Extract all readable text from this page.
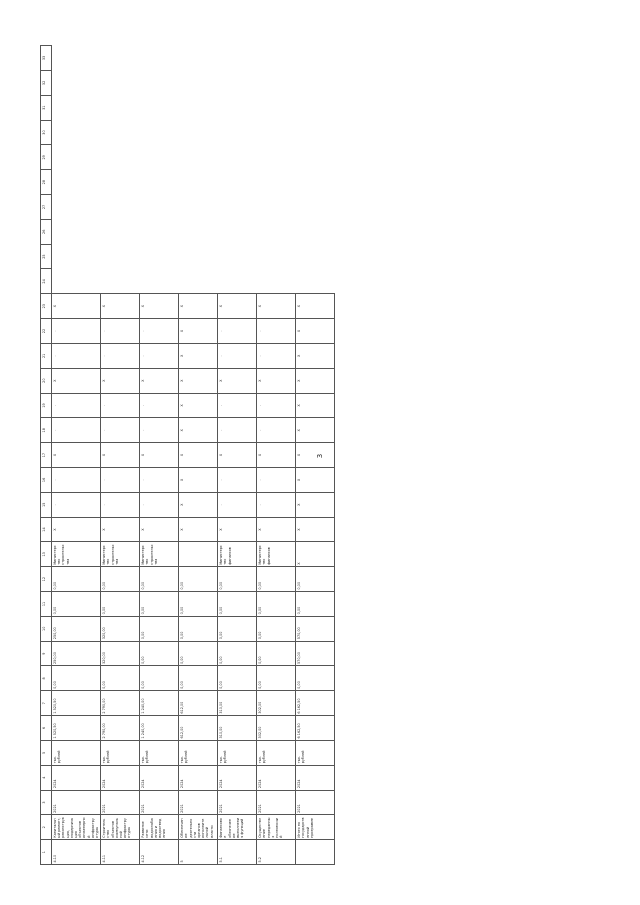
3
1	2	3	4	5	6	7	8	9	10	11	12	13	14	15	16	17	18	19	20	21	22	23	24	25	26	27	28	29	30	31	32	33
4.10	Капитальный ремонт, реконструкция, модернизация объектов инженерной инфраструктуры	2021	2024	тыс. рублей	1 520,50	1 520,50	0,00	250,00	250,00	0,00	0,00	Министерство строительства	X	-	-	X	-	-	X	-	-	X										
4.11	Строительство объектов коммунальной инфраструктуры	2021	2024	тыс. рублей	2 790,00	2 790,00	0,00	320,00	320,00	0,00	0,00	Министерство строительства	X	-	-	X	-	-	X	-	-	X										
4.12	Развитие сети водоснабжения и водоотведения	2021	2024	тыс. рублей	1 240,00	1 240,00	0,00	0,00	0,00	0,00	0,00	Министерство строительства	X	-	-	X	-	-	X	-	-	X										
5	Обеспечение деятельности органов исполнительной власти	2021	2024	тыс. рублей	612,00	612,00	0,00	0,00	0,00	0,00	0,00		X	X	X	X	X	X	X	X	X	X										
5.1	Финансовое обеспечение выполнения функций	2021	2024	тыс. рублей	310,00	310,00	0,00	0,00	0,00	0,00	0,00	Министерство финансов	X	-	-	X	-	-	X	-	-	X										
5.2	Осуществление переданных полномочий	2021	2024	тыс. рублей	302,00	302,00	0,00	0,00	0,00	0,00	0,00	Министерство финансов	X	-	-	X	-	-	X	-	-	X										
	Итого по государственной программе	2021	2024	тыс. рублей	6 162,50	6 162,50	0,00	570,00	570,00	0,00	0,00	X	X	X	X	X	X	X	X	X	X	X										
